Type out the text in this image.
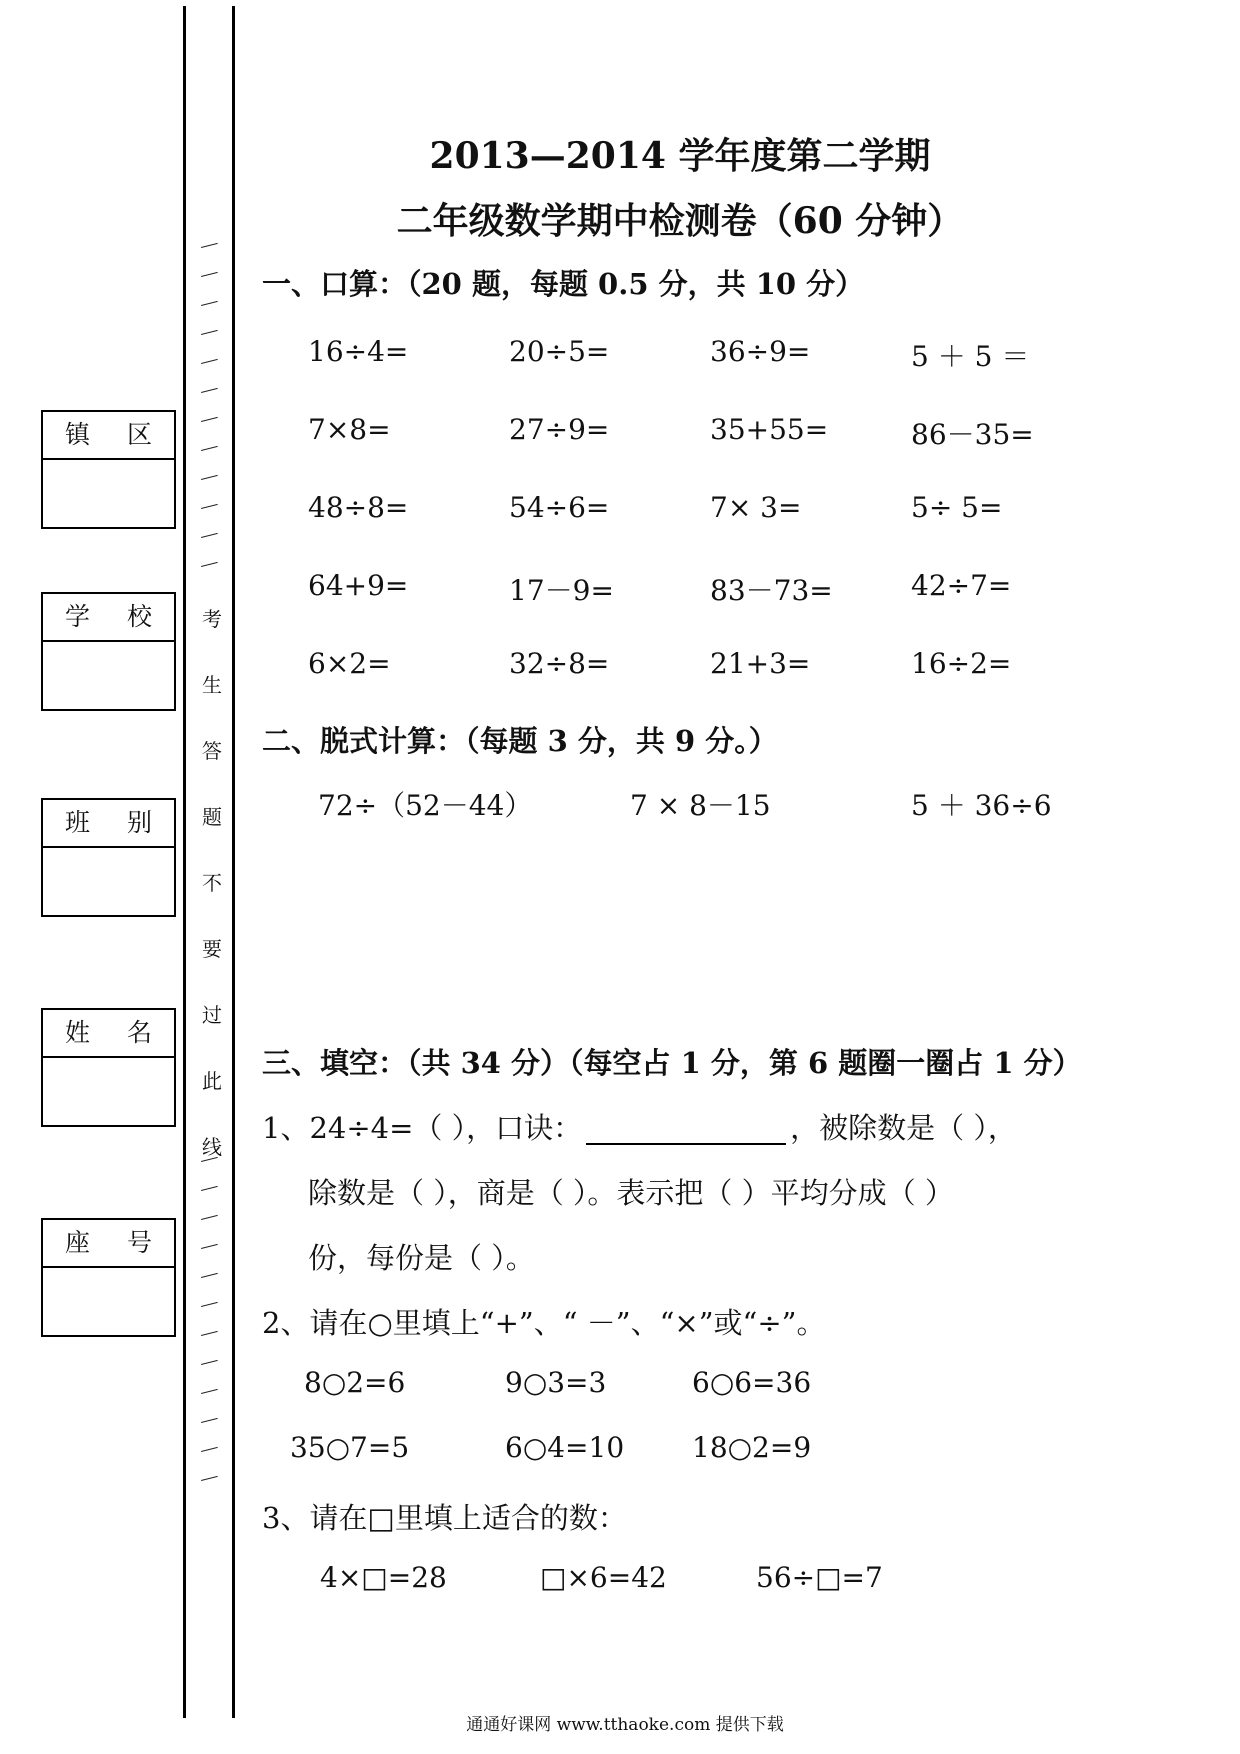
考
生
答
题
不
要
过
此
线
镇 区
学 校
班 别
姓 名
座 号
2013—2014 学年度第二学期
二年级数学期中检测卷（60 分钟）
一、口算：（20 题，每题 0.5 分，共 10 分）
16÷4=	20÷5=	36÷9=	5 ＋ 5 ＝
7×8=	27÷9=	35+55=	86－35=
48÷8=	54÷6=	7× 3=	5÷ 5=
64+9=	17－9=	83－73=	42÷7=
6×2=	32÷8=	21+3=	16÷2=
二、脱式计算：（每题 3 分，共 9 分。）
72÷（52－44）	7 × 8－15	5 ＋ 36÷6
三、填空：（共 34 分）（每空占 1 分，第 6 题圈一圈占 1 分）
1、24÷4=（ ），口诀：	，被除数是（ ），
除数是（ ），商是（ ）。表示把（ ）平均分成（ ）
份，每份是（ ）。
2、请在○里填上“+”、“ －”、“×”或“÷”。
8○2=6	9○3=3	6○6=36
35○7=5	6○4=10 18○2=9
3、请在□里填上适合的数：
4×□=28	□×6=42	56÷□=7
通通好课网 www.tthaoke.com 提供下载
